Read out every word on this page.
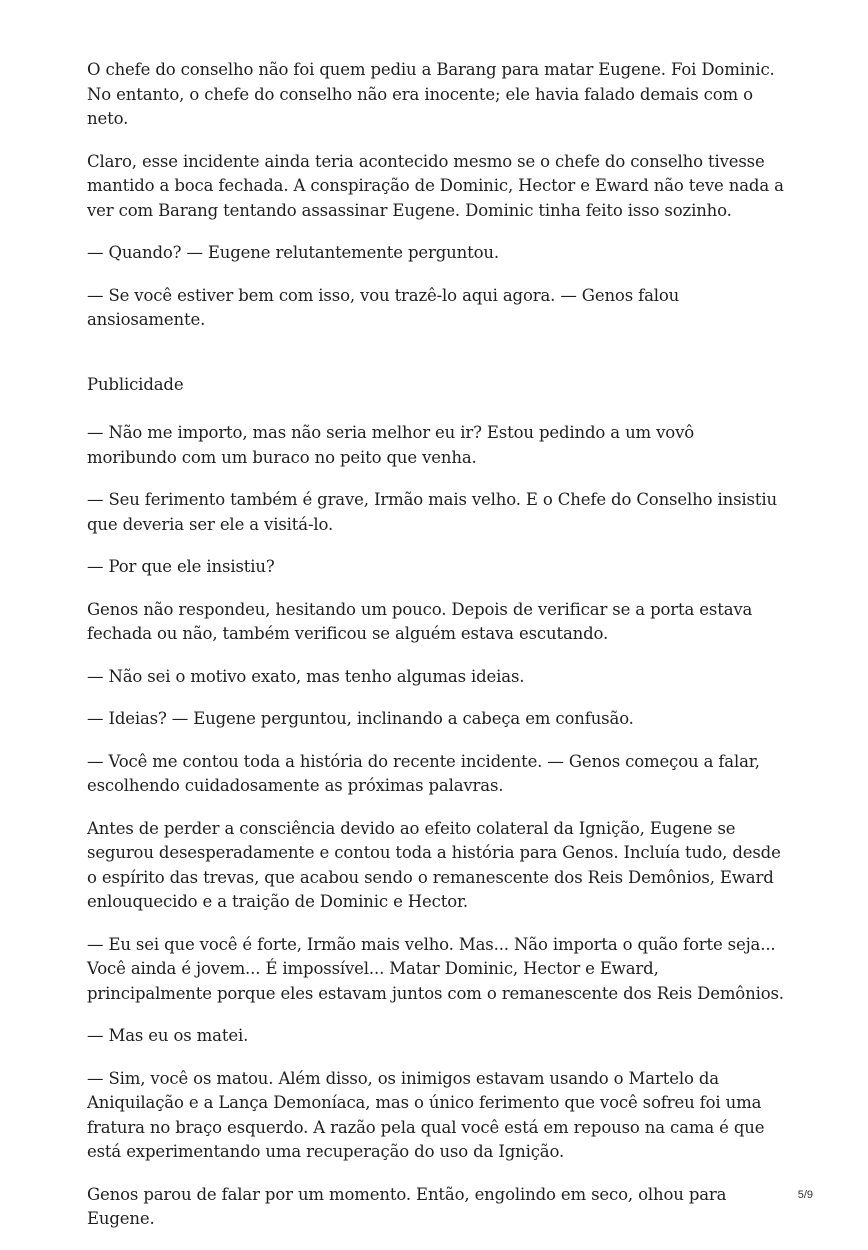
O chefe do conselho não foi quem pediu a Barang para matar Eugene. Foi Dominic. No entanto, o chefe do conselho não era inocente; ele havia falado demais com o neto.

Claro, esse incidente ainda teria acontecido mesmo se o chefe do conselho tivesse mantido a boca fechada. A conspiração de Dominic, Hector e Eward não teve nada a ver com Barang tentando assassinar Eugene. Dominic tinha feito isso sozinho.

— Quando? — Eugene relutantemente perguntou.

— Se você estiver bem com isso, vou trazê-lo aqui agora. — Genos falou ansiosamente.

Publicidade

— Não me importo, mas não seria melhor eu ir? Estou pedindo a um vovô moribundo com um buraco no peito que venha.

— Seu ferimento também é grave, Irmão mais velho. E o Chefe do Conselho insistiu que deveria ser ele a visitá-lo.

— Por que ele insistiu?

Genos não respondeu, hesitando um pouco. Depois de verificar se a porta estava fechada ou não, também verificou se alguém estava escutando.

— Não sei o motivo exato, mas tenho algumas ideias.

— Ideias? — Eugene perguntou, inclinando a cabeça em confusão.

— Você me contou toda a história do recente incidente. — Genos começou a falar, escolhendo cuidadosamente as próximas palavras.

Antes de perder a consciência devido ao efeito colateral da Ignição, Eugene se segurou desesperadamente e contou toda a história para Genos. Incluía tudo, desde o espírito das trevas, que acabou sendo o remanescente dos Reis Demônios, Eward enlouquecido e a traição de Dominic e Hector.

— Eu sei que você é forte, Irmão mais velho. Mas... Não importa o quão forte seja... Você ainda é jovem... É impossível... Matar Dominic, Hector e Eward, principalmente porque eles estavam juntos com o remanescente dos Reis Demônios.

— Mas eu os matei.

— Sim, você os matou. Além disso, os inimigos estavam usando o Martelo da Aniquilação e a Lança Demoníaca, mas o único ferimento que você sofreu foi uma fratura no braço esquerdo. A razão pela qual você está em repouso na cama é que está experimentando uma recuperação do uso da Ignição.

Genos parou de falar por um momento. Então, engolindo em seco, olhou para Eugene.

5/9
